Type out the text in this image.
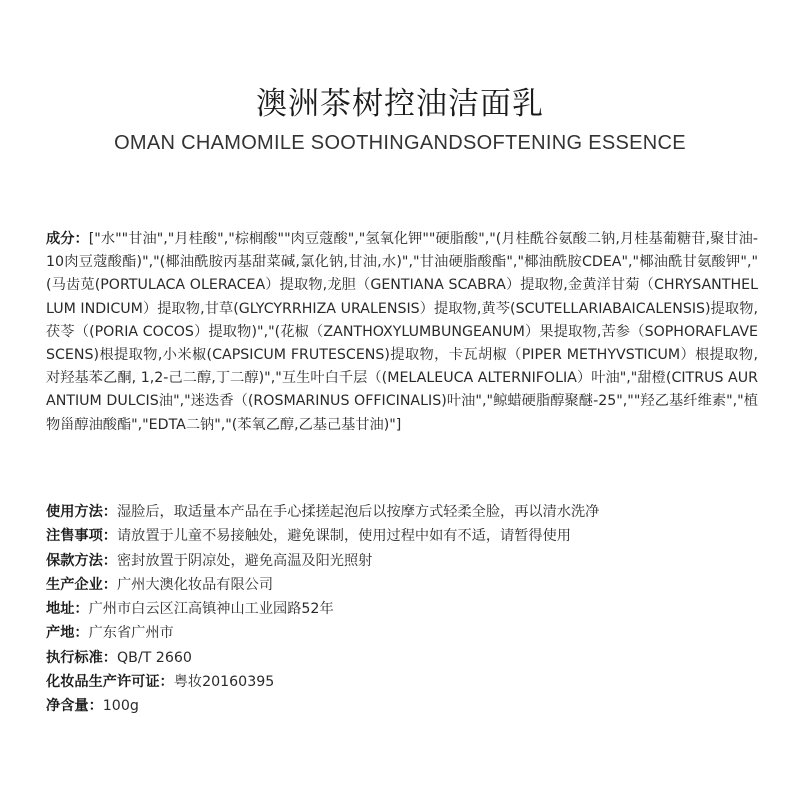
澳洲茶树控油洁面乳
OMAN CHAMOMILE SOOTHINGANDSOFTENING ESSENCE
成分：["水""甘油","月桂酸","棕榈酸""肉豆蔻酸","氢氧化钾""硬脂酸","(月桂酰谷氨酸二钠,月桂基葡糖苷,聚甘油-10肉豆蔻酸酯)","(椰油酰胺丙基甜菜碱,氯化钠,甘油,水)","甘油硬脂酸酯","椰油酰胺CDEA","椰油酰甘氨酸钾","(马齿苋(PORTULACA OLERACEA）提取物,龙胆（GENTIANA SCABRA）提取物,金黄洋甘菊（CHRYSANTHELLUM INDICUM）提取物,甘草(GLYCYRRHIZA URALENSIS）提取物,黄芩(SCUTELLARIABAICALENSIS)提取物,茯苓（(PORIA COCOS）提取物)","(花椒（ZANTHOXYLUMBUNGEANUM）果提取物,苦参（SOPHORAFLAVESCENS)根提取物,小米椒(CAPSICUM FRUTESCENS)提取物，卡瓦胡椒（PIPER METHYVSTICUM）根提取物,对羟基苯乙酮, 1,2-己二醇,丁二醇)","互生叶白千层（(MELALEUCA ALTERNIFOLIA）叶油","甜橙(CITRUS AURANTIUM DULCIS油","迷迭香（(ROSMARINUS OFFICINALIS)叶油","鲸蜡硬脂醇聚醚-25",""羟乙基纤维素","植物甾醇油酸酯","EDTA二钠","(苯氧乙醇,乙基己基甘油)"]
使用方法：湿脸后，取适量本产品在手心揉搓起泡后以按摩方式轻柔全脸，再以清水洗净
注售事项：请放置于儿童不易接触处，避免课制，使用过程中如有不适，请暂得使用
保款方法：密封放置于阴凉处，避免高温及阳光照射
生产企业：广州大澳化妆品有限公司
地址：广州市白云区江高镇神山工业园路52年
产地：广东省广州市
执行标准：QB/T 2660
化妆品生产许可证：粤妆20160395
净含量：100g
